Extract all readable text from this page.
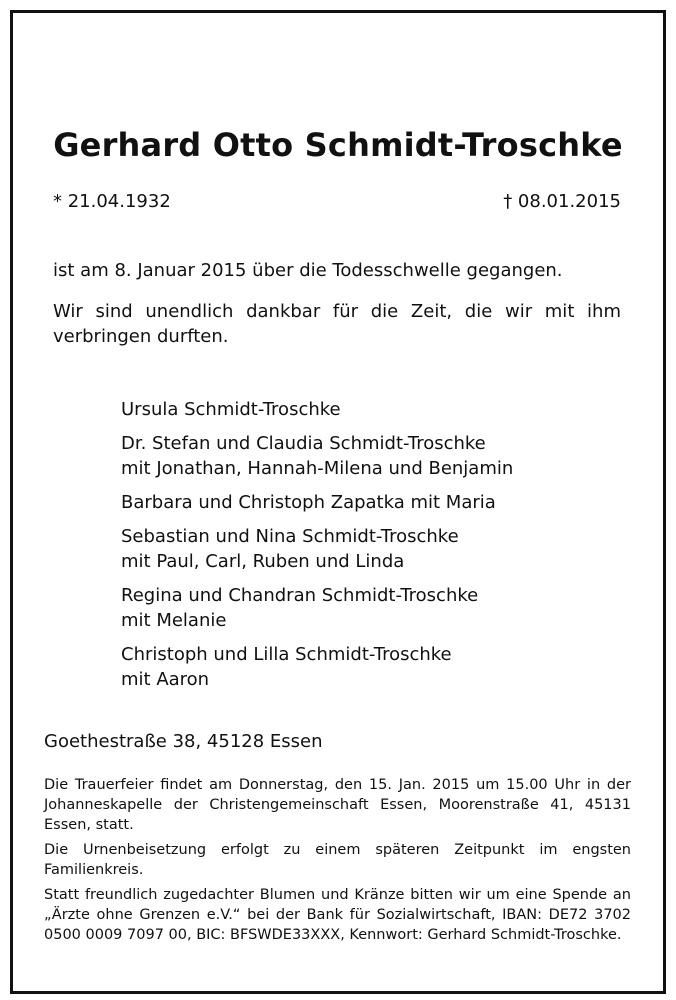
Gerhard Otto Schmidt-Troschke
* 21.04.1932	† 08.01.2015
ist am 8. Januar 2015 über die Todesschwelle gegangen.
Wir sind unendlich dankbar für die Zeit, die wir mit ihm verbringen durften.
Ursula Schmidt-Troschke
Dr. Stefan und Claudia Schmidt-Troschke
mit Jonathan, Hannah-Milena und Benjamin
Barbara und Christoph Zapatka mit Maria
Sebastian und Nina Schmidt-Troschke
mit Paul, Carl, Ruben und Linda
Regina und Chandran Schmidt-Troschke
mit Melanie
Christoph und Lilla Schmidt-Troschke
mit Aaron
Goethestraße 38, 45128 Essen
Die Trauerfeier findet am Donnerstag, den 15. Jan. 2015 um 15.00 Uhr in der Johanneskapelle der Christengemeinschaft Essen, Moorenstraße 41, 45131 Essen, statt.
Die Urnenbeisetzung erfolgt zu einem späteren Zeitpunkt im engsten Familienkreis.
Statt freundlich zugedachter Blumen und Kränze bitten wir um eine Spende an „Ärzte ohne Grenzen e.V.“ bei der Bank für Sozialwirtschaft, IBAN: DE72 3702 0500 0009 7097 00, BIC: BFSWDE33XXX, Kennwort: Gerhard Schmidt-Troschke.
